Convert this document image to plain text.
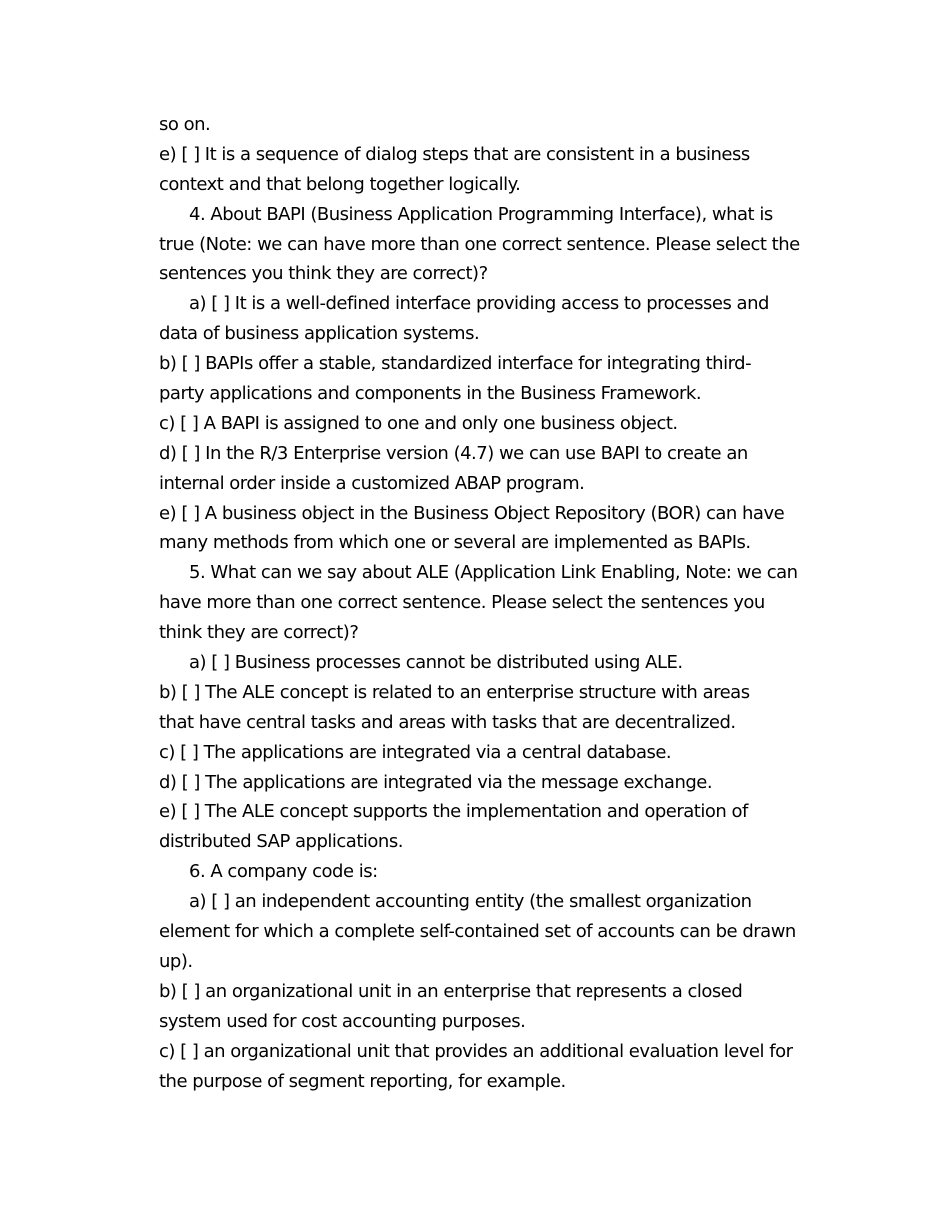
so on.

e) [ ] It is a sequence of dialog steps that are consistent in a business

context and that belong together logically.

4. About BAPI (Business Application Programming Interface), what is

true (Note: we can have more than one correct sentence. Please select the

sentences you think they are correct)?

a) [ ] It is a well-defined interface providing access to processes and

data of business application systems.

b) [ ] BAPIs offer a stable, standardized interface for integrating third-

party applications and components in the Business Framework.

c) [ ] A BAPI is assigned to one and only one business object.

d) [ ] In the R/3 Enterprise version (4.7) we can use BAPI to create an

internal order inside a customized ABAP program.

e) [ ] A business object in the Business Object Repository (BOR) can have

many methods from which one or several are implemented as BAPIs.

5. What can we say about ALE (Application Link Enabling, Note: we can

have more than one correct sentence. Please select the sentences you

think they are correct)?

a) [ ] Business processes cannot be distributed using ALE.

b) [ ] The ALE concept is related to an enterprise structure with areas

that have central tasks and areas with tasks that are decentralized.

c) [ ] The applications are integrated via a central database.

d) [ ] The applications are integrated via the message exchange.

e) [ ] The ALE concept supports the implementation and operation of

distributed SAP applications.

6. A company code is:

a) [ ] an independent accounting entity (the smallest organization

element for which a complete self-contained set of accounts can be drawn

up).

b) [ ] an organizational unit in an enterprise that represents a closed

system used for cost accounting purposes.

c) [ ] an organizational unit that provides an additional evaluation level for

the purpose of segment reporting, for example.
